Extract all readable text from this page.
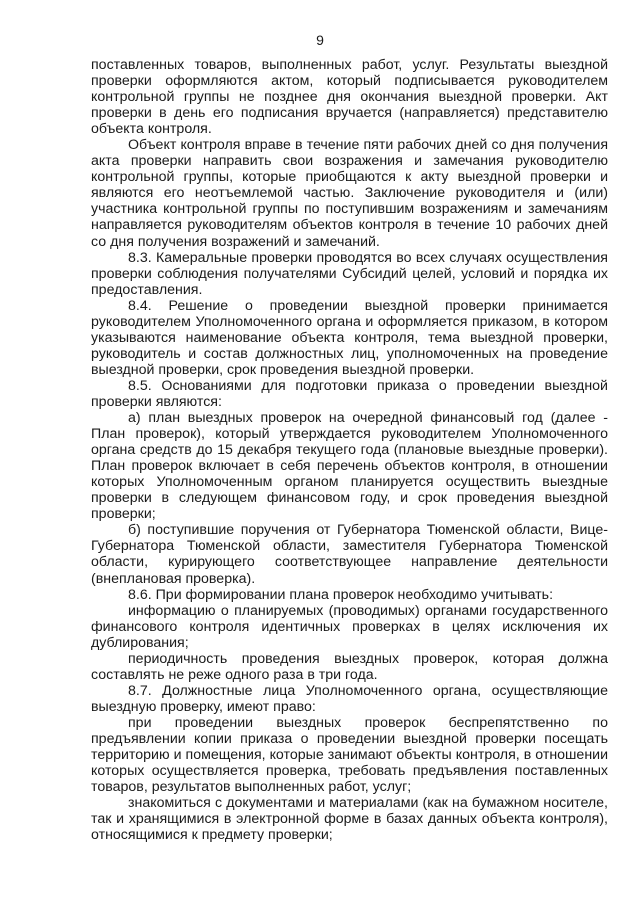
9

поставленных товаров, выполненных работ, услуг. Результаты выездной проверки оформляются актом, который подписывается руководителем контрольной группы не позднее дня окончания выездной проверки. Акт проверки в день его подписания вручается (направляется) представителю объекта контроля.

Объект контроля вправе в течение пяти рабочих дней со дня получения акта проверки направить свои возражения и замечания руководителю контрольной группы, которые приобщаются к акту выездной проверки и являются его неотъемлемой частью. Заключение руководителя и (или) участника контрольной группы по поступившим возражениям и замечаниям направляется руководителям объектов контроля в течение 10 рабочих дней со дня получения возражений и замечаний.

8.3. Камеральные проверки проводятся во всех случаях осуществления проверки соблюдения получателями Субсидий целей, условий и порядка их предоставления.

8.4. Решение о проведении выездной проверки принимается руководителем Уполномоченного органа и оформляется приказом, в котором указываются наименование объекта контроля, тема выездной проверки, руководитель и состав должностных лиц, уполномоченных на проведение выездной проверки, срок проведения выездной проверки.

8.5. Основаниями для подготовки приказа о проведении выездной проверки являются:

а) план выездных проверок на очередной финансовый год (далее - План проверок), который утверждается руководителем Уполномоченного органа средств до 15 декабря текущего года (плановые выездные проверки). План проверок включает в себя перечень объектов контроля, в отношении которых Уполномоченным органом планируется осуществить выездные проверки в следующем финансовом году, и срок проведения выездной проверки;

б) поступившие поручения от Губернатора Тюменской области, Вице-Губернатора Тюменской области, заместителя Губернатора Тюменской области, курирующего соответствующее направление деятельности (внеплановая проверка).

8.6. При формировании плана проверок необходимо учитывать:

информацию о планируемых (проводимых) органами государственного финансового контроля идентичных проверках в целях исключения их дублирования;

периодичность проведения выездных проверок, которая должна составлять не реже одного раза в три года.

8.7. Должностные лица Уполномоченного органа, осуществляющие выездную проверку, имеют право:

при проведении выездных проверок беспрепятственно по предъявлении копии приказа о проведении выездной проверки посещать территорию и помещения, которые занимают объекты контроля, в отношении которых осуществляется проверка, требовать предъявления поставленных товаров, результатов выполненных работ, услуг;

знакомиться с документами и материалами (как на бумажном носителе, так и хранящимися в электронной форме в базах данных объекта контроля), относящимися к предмету проверки;
